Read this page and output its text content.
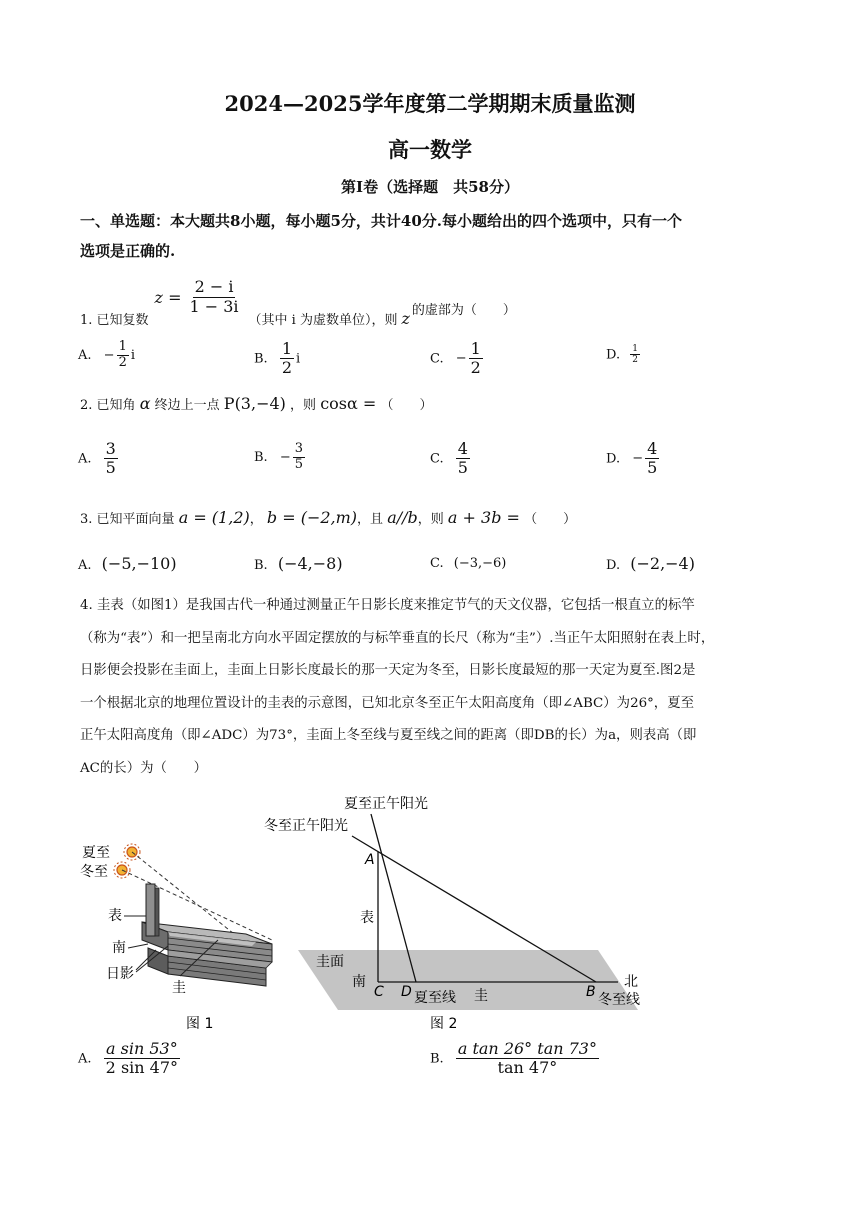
2024—2025学年度第二学期期末质量监测
高一数学
第Ⅰ卷（选择题　共58分）
一、单选题：本大题共8小题，每小题5分，共计40分.每小题给出的四个选项中，只有一个
选项是正确的.
1. 已知复数
$z = \frac{2 - i}{1 - 3i}$
（其中 i 为虚数单位），则 z 的虚部为（　　）
A. − $\frac{1}{2}$ i	B. $\frac{1}{2}$ i	C. − $\frac{1}{2}$	D. $\frac{1}{2}$
2. 已知角 α 终边上一点 P(3,−4) ，则 cosα = （　　）
A. $\frac{3}{5}$	B. − $\frac{3}{5}$	C. $\frac{4}{5}$	D. − $\frac{4}{5}$
3. 已知平面向量 a = (1,2)， b = (−2,m)，且 a//b，则 a + 3b = （　　）
A. (−5,−10)	B. (−4,−8)	C. (−3,−6)	D. (−2,−4)
4. 圭表（如图1）是我国古代一种通过测量正午日影长度来推定节气的天文仪器，它包括一根直立的标竿
（称为“表”）和一把呈南北方向水平固定摆放的与标竿垂直的长尺（称为“圭”）.当正午太阳照射在表上时，
日影便会投影在圭面上，圭面上日影长度最长的那一天定为冬至，日影长度最短的那一天定为夏至.图2是
一个根据北京的地理位置设计的圭表的示意图，已知北京冬至正午太阳高度角（即∠ABC）为26°，夏至
正午太阳高度角（即∠ADC）为73°，圭面上冬至线与夏至线之间的距离（即DB的长）为a，则表高（即
AC的长）为（　　）
夏至
冬至
表
南
日影
圭
图 1
夏至正午阳光
冬至正午阳光
A
表
圭面
南
C D 夏至线 圭	B
北
冬至线
图 2
A. $\frac{\text{a sin 53°}}{2 \sin 47^\circ}$	B. $\frac{\text{a tan 26° tan 73°}}{\tan 47^\circ}$
